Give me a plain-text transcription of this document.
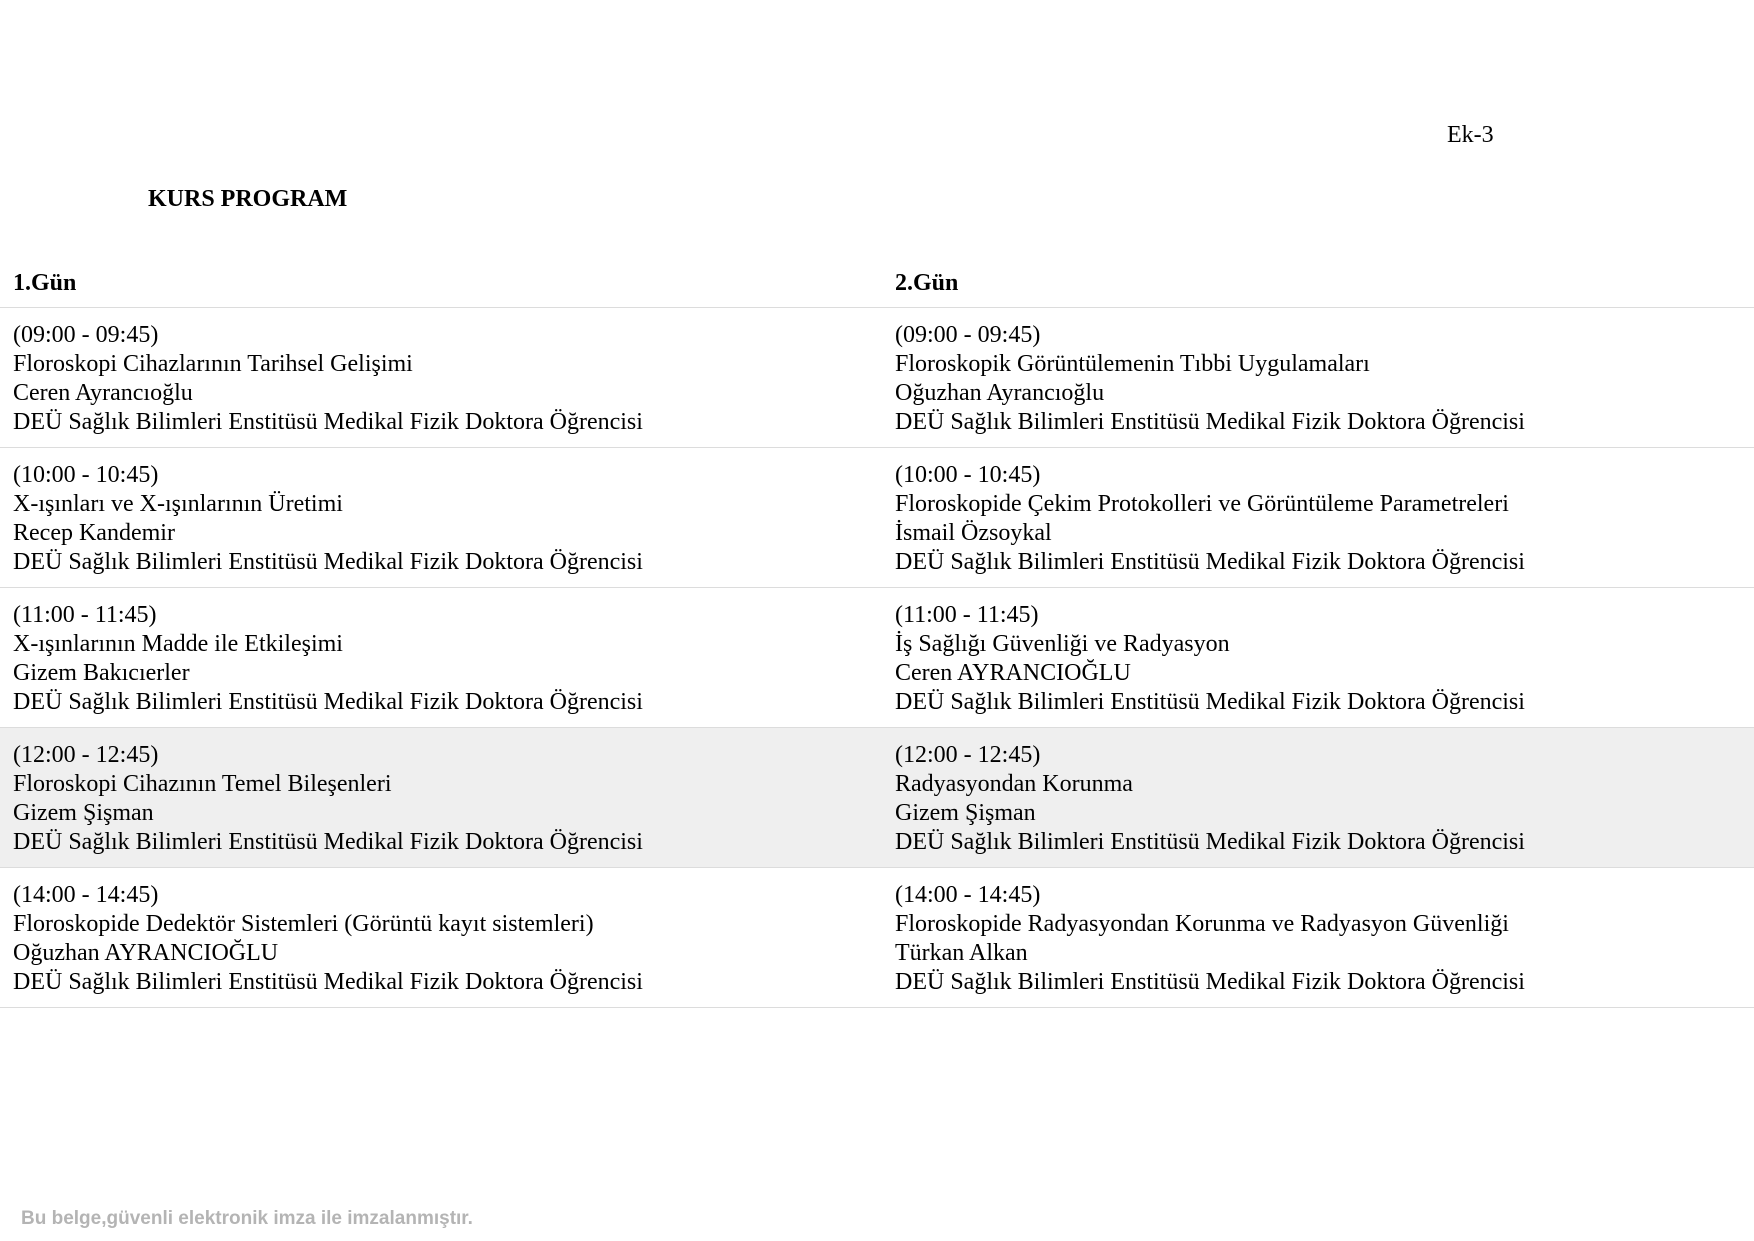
Ek-3
KURS PROGRAM
1.Gün	2.Gün
(09:00 - 09:45)
Floroskopi Cihazlarının Tarihsel Gelişimi
Ceren Ayrancıoğlu
DEÜ Sağlık Bilimleri Enstitüsü Medikal Fizik Doktora Öğrencisi
(09:00 - 09:45)
Floroskopik Görüntülemenin Tıbbi Uygulamaları
Oğuzhan Ayrancıoğlu
DEÜ Sağlık Bilimleri Enstitüsü Medikal Fizik Doktora Öğrencisi
(10:00 - 10:45)
X-ışınları ve X-ışınlarının Üretimi
Recep Kandemir
DEÜ Sağlık Bilimleri Enstitüsü Medikal Fizik Doktora Öğrencisi
(10:00 - 10:45)
Floroskopide Çekim Protokolleri ve Görüntüleme Parametreleri
İsmail Özsoykal
DEÜ Sağlık Bilimleri Enstitüsü Medikal Fizik Doktora Öğrencisi
(11:00 - 11:45)
X-ışınlarının Madde ile Etkileşimi
Gizem Bakıcıerler
DEÜ Sağlık Bilimleri Enstitüsü Medikal Fizik Doktora Öğrencisi
(11:00 - 11:45)
İş Sağlığı Güvenliği ve Radyasyon
Ceren AYRANCIOĞLU
DEÜ Sağlık Bilimleri Enstitüsü Medikal Fizik Doktora Öğrencisi
(12:00 - 12:45)
Floroskopi Cihazının Temel Bileşenleri
Gizem Şişman
DEÜ Sağlık Bilimleri Enstitüsü Medikal Fizik Doktora Öğrencisi
(12:00 - 12:45)
Radyasyondan Korunma
Gizem Şişman
DEÜ Sağlık Bilimleri Enstitüsü Medikal Fizik Doktora Öğrencisi
(14:00 - 14:45)
Floroskopide Dedektör Sistemleri (Görüntü kayıt sistemleri)
Oğuzhan AYRANCIOĞLU
DEÜ Sağlık Bilimleri Enstitüsü Medikal Fizik Doktora Öğrencisi
(14:00 - 14:45)
Floroskopide Radyasyondan Korunma ve Radyasyon Güvenliği
Türkan Alkan
DEÜ Sağlık Bilimleri Enstitüsü Medikal Fizik Doktora Öğrencisi
Bu belge,güvenli elektronik imza ile imzalanmıştır.
